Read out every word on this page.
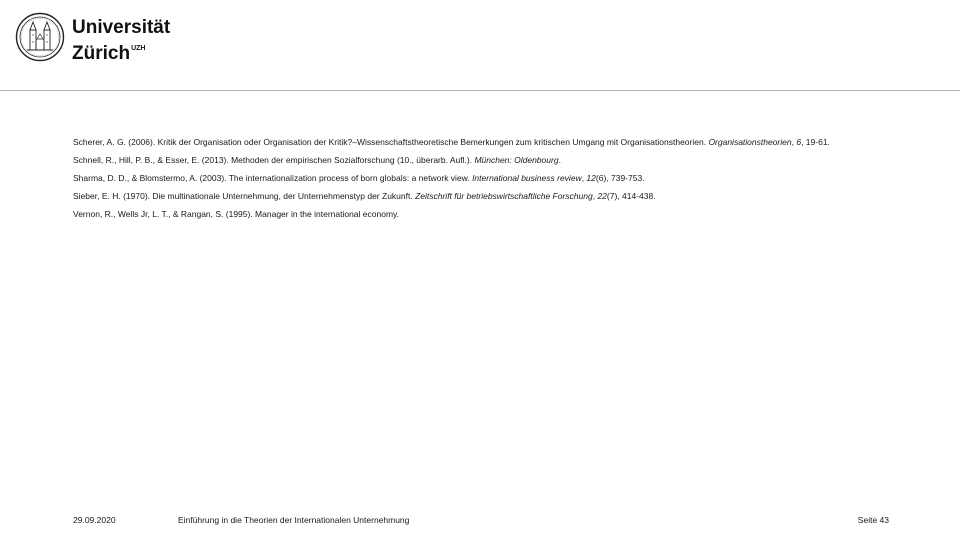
Universität
Zürich$^{UZH}$

Scherer, A. G. (2006). Kritik der Organisation oder Organisation der Kritik?–Wissenschaftstheoretische Bemerkungen zum kritischen Umgang mit Organisationstheorien. Organisationstheorien, 6, 19-61.

Schnell, R., Hill, P. B., & Esser, E. (2013). Methoden der empirischen Sozialforschung (10., überarb. Aufl.). München: Oldenbourg.

Sharma, D. D., & Blomstermo, A. (2003). The internationalization process of born globals: a network view. International business review, 12(6), 739-753.

Sieber, E. H. (1970). Die multinationale Unternehmung, der Unternehmenstyp der Zukunft. Zeitschrift für betriebswirtschaftliche Forschung, 22(7), 414-438.

Vernon, R., Wells Jr, L. T., & Rangan, S. (1995). Manager in the international economy.

29.09.2020	Einführung in die Theorien der Internationalen Unternehmung	Seite 43
